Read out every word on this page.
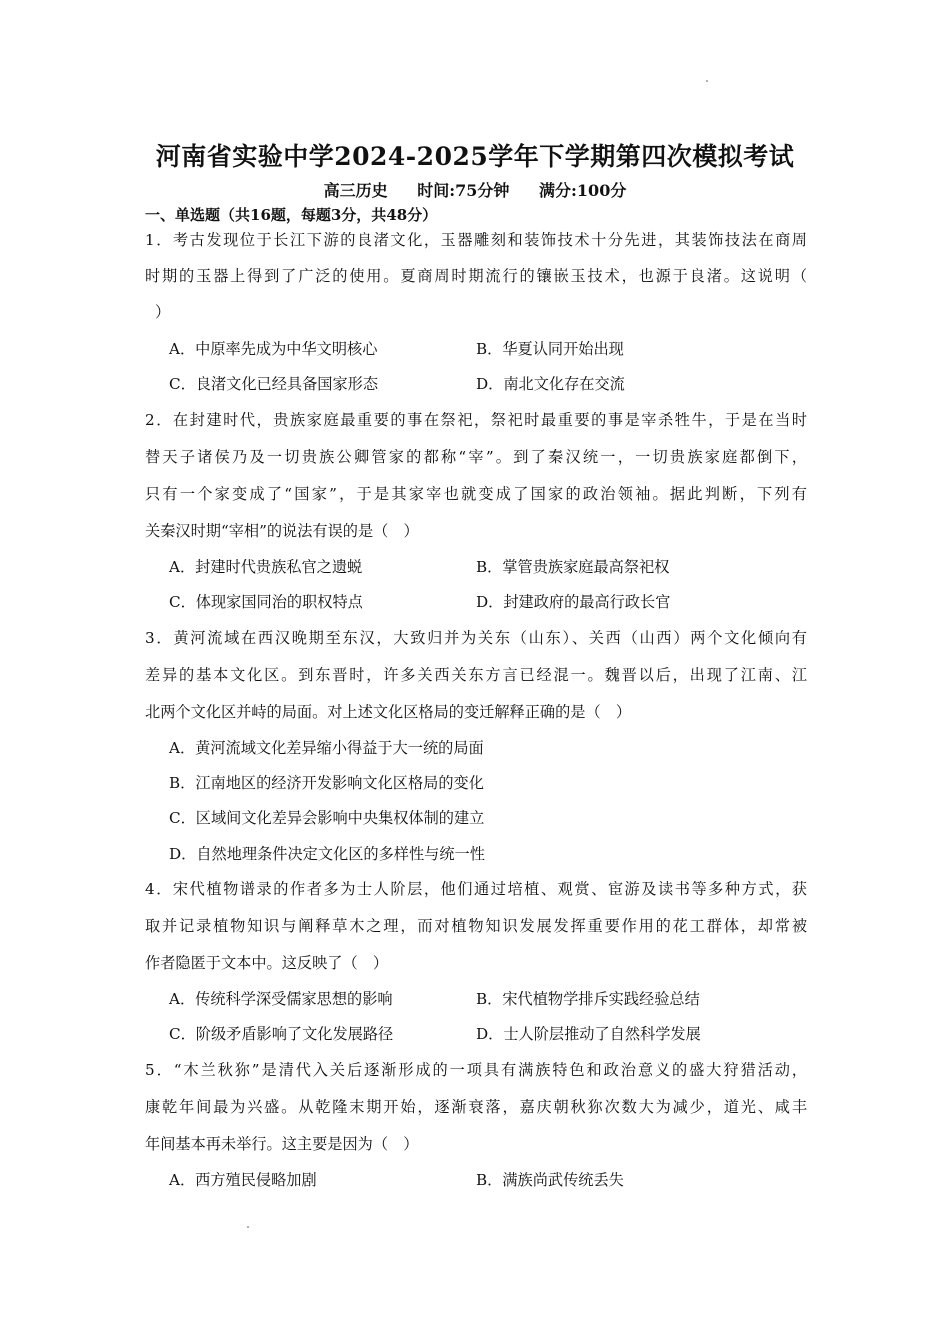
河南省实验中学2024-2025学年下学期第四次模拟考试
高三历史 时间:75分钟 满分:100分
一、单选题（共16题，每题3分，共48分）
1．考古发现位于长江下游的良渚文化，玉器雕刻和装饰技术十分先进，其装饰技法在商周
时期的玉器上得到了广泛的使用。夏商周时期流行的镶嵌玉技术，也源于良渚。这说明（
）
A．中原率先成为中华文明核心	B．华夏认同开始出现
C．良渚文化已经具备国家形态	D．南北文化存在交流
2．在封建时代，贵族家庭最重要的事在祭祀，祭祀时最重要的事是宰杀牲牛，于是在当时
替天子诸侯乃及一切贵族公卿管家的都称“宰”。到了秦汉统一，一切贵族家庭都倒下，
只有一个家变成了“国家”，于是其家宰也就变成了国家的政治领袖。据此判断，下列有
关秦汉时期“宰相”的说法有误的是（　）
A．封建时代贵族私官之遗蜕	B．掌管贵族家庭最高祭祀权
C．体现家国同治的职权特点	D．封建政府的最高行政长官
3．黄河流域在西汉晚期至东汉，大致归并为关东（山东）、关西（山西）两个文化倾向有
差异的基本文化区。到东晋时，许多关西关东方言已经混一。魏晋以后，出现了江南、江
北两个文化区并峙的局面。对上述文化区格局的变迁解释正确的是（　）
A．黄河流域文化差异缩小得益于大一统的局面
B．江南地区的经济开发影响文化区格局的变化
C．区域间文化差异会影响中央集权体制的建立
D．自然地理条件决定文化区的多样性与统一性
4．宋代植物谱录的作者多为士人阶层，他们通过培植、观赏、宦游及读书等多种方式，获
取并记录植物知识与阐释草木之理，而对植物知识发展发挥重要作用的花工群体，却常被
作者隐匿于文本中。这反映了（　）
A．传统科学深受儒家思想的影响	B．宋代植物学排斥实践经验总结
C．阶级矛盾影响了文化发展路径	D．士人阶层推动了自然科学发展
5．“木兰秋狝”是清代入关后逐渐形成的一项具有满族特色和政治意义的盛大狩猎活动，
康乾年间最为兴盛。从乾隆末期开始，逐渐衰落，嘉庆朝秋狝次数大为减少，道光、咸丰
年间基本再未举行。这主要是因为（　）
A．西方殖民侵略加剧	B．满族尚武传统丢失
